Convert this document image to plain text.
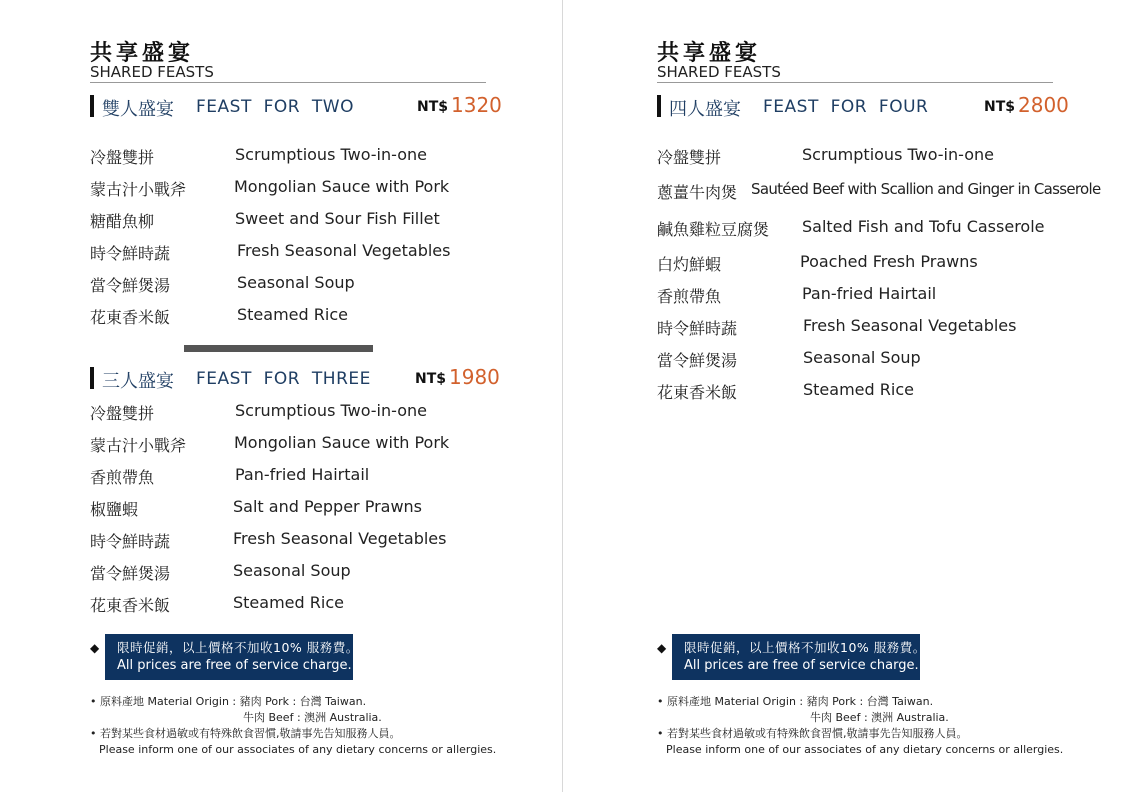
共享盛宴
SHARED FEASTS
雙人盛宴 FEAST  FOR  TWO	NT$ 1320
冷盤雙拼	Scrumptious Two-in-one
蒙古汁小戰斧	Mongolian Sauce with Pork
糖醋魚柳	Sweet and Sour Fish Fillet
時令鮮時蔬	Fresh Seasonal Vegetables
當令鮮煲湯	Seasonal Soup
花東香米飯	Steamed Rice
三人盛宴 FEAST  FOR  THREE	NT$ 1980
冷盤雙拼	Scrumptious Two-in-one
蒙古汁小戰斧	Mongolian Sauce with Pork
香煎帶魚	Pan-fried Hairtail
椒鹽蝦	Salt and Pepper Prawns
時令鮮時蔬	Fresh Seasonal Vegetables
當令鮮煲湯	Seasonal Soup
花東香米飯	Steamed Rice
◆ 限時促銷，以上價格不加收10% 服務費。
All prices are free of service charge.
• 原料產地 Material Origin : 豬肉 Pork : 台灣 Taiwan.
牛肉 Beef : 澳洲 Australia.
• 若對某些食材過敏或有特殊飲食習慣,敬請事先告知服務人員。
Please inform one of our associates of any dietary concerns or allergies.
共享盛宴
SHARED FEASTS
四人盛宴 FEAST  FOR  FOUR	NT$ 2800
冷盤雙拼	Scrumptious Two-in-one
蔥薑牛肉煲 Sautéed Beef with Scallion and Ginger in Casserole
鹹魚雞粒豆腐煲 Salted Fish and Tofu Casserole
白灼鮮蝦	Poached Fresh Prawns
香煎帶魚	Pan-fried Hairtail
時令鮮時蔬	Fresh Seasonal Vegetables
當令鮮煲湯	Seasonal Soup
花東香米飯	Steamed Rice
◆ 限時促銷，以上價格不加收10% 服務費。
All prices are free of service charge.
• 原料產地 Material Origin : 豬肉 Pork : 台灣 Taiwan.
牛肉 Beef : 澳洲 Australia.
• 若對某些食材過敏或有特殊飲食習慣,敬請事先告知服務人員。
Please inform one of our associates of any dietary concerns or allergies.
